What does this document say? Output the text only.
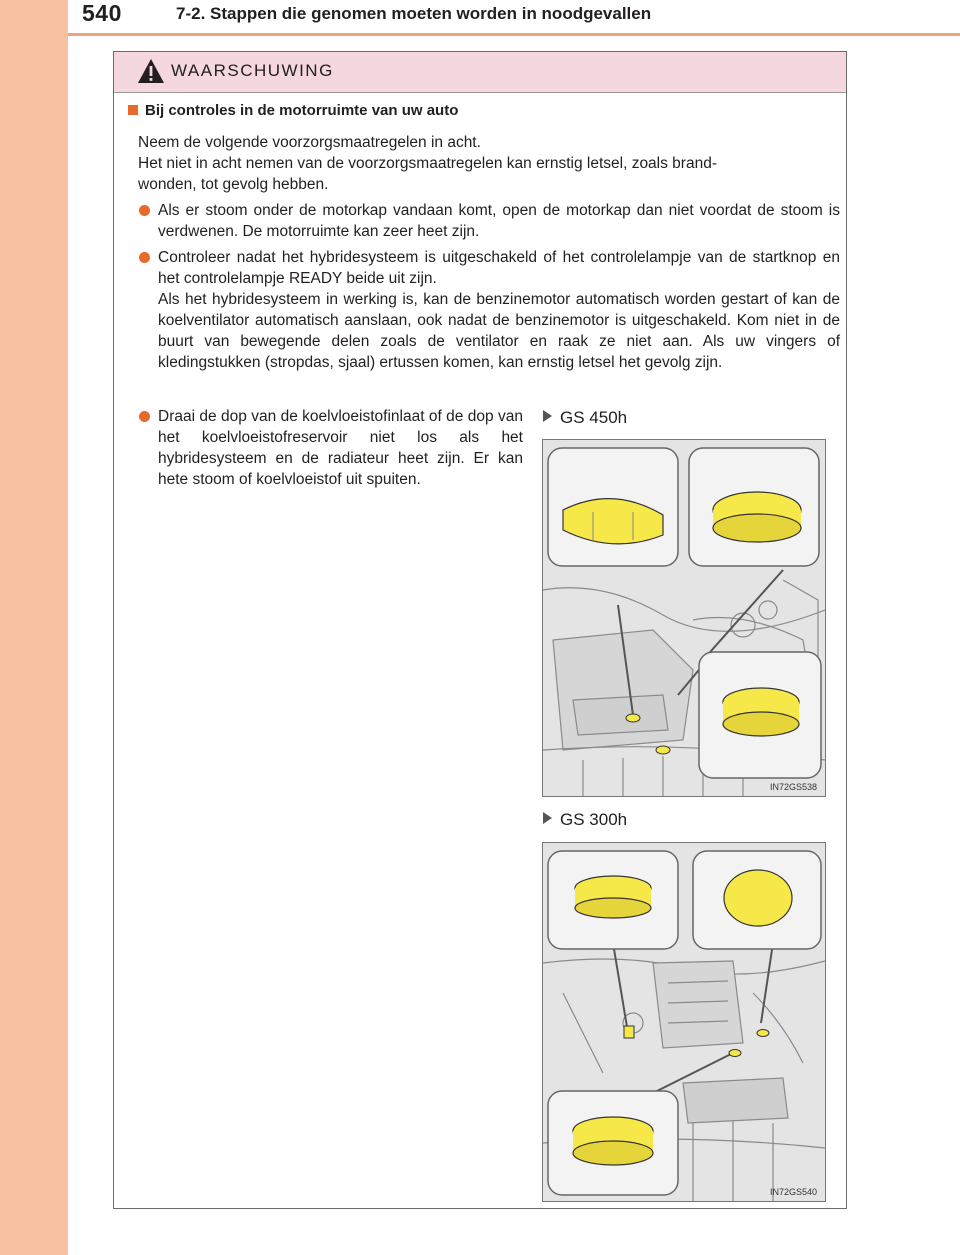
540	7-2. Stappen die genomen moeten worden in noodgevallen
WAARSCHUWING
Bij controles in de motorruimte van uw auto
Neem de volgende voorzorgsmaatregelen in acht.
Het niet in acht nemen van de voorzorgsmaatregelen kan ernstig letsel, zoals brand-
wonden, tot gevolg hebben.
Als er stoom onder de motorkap vandaan komt, open de motorkap dan niet voordat de stoom is verdwenen. De motorruimte kan zeer heet zijn.
Controleer nadat het hybridesysteem is uitgeschakeld of het controlelampje van de startknop en het controlelampje READY beide uit zijn.
Als het hybridesysteem in werking is, kan de benzinemotor automatisch worden gestart of kan de koelventilator automatisch aanslaan, ook nadat de benzinemotor is uitgeschakeld. Kom niet in de buurt van bewegende delen zoals de ventilator en raak ze niet aan. Als uw vingers of kledingstukken (stropdas, sjaal) ertussen komen, kan ernstig letsel het gevolg zijn.
Draai de dop van de koelvloeistofinlaat of de dop van het koelvloeistofreservoir niet los als het hybridesysteem en de radiateur heet zijn. Er kan hete stoom of koelvloeistof uit spuiten.
GS 450h
IN72GS538
GS 300h
IN72GS540
